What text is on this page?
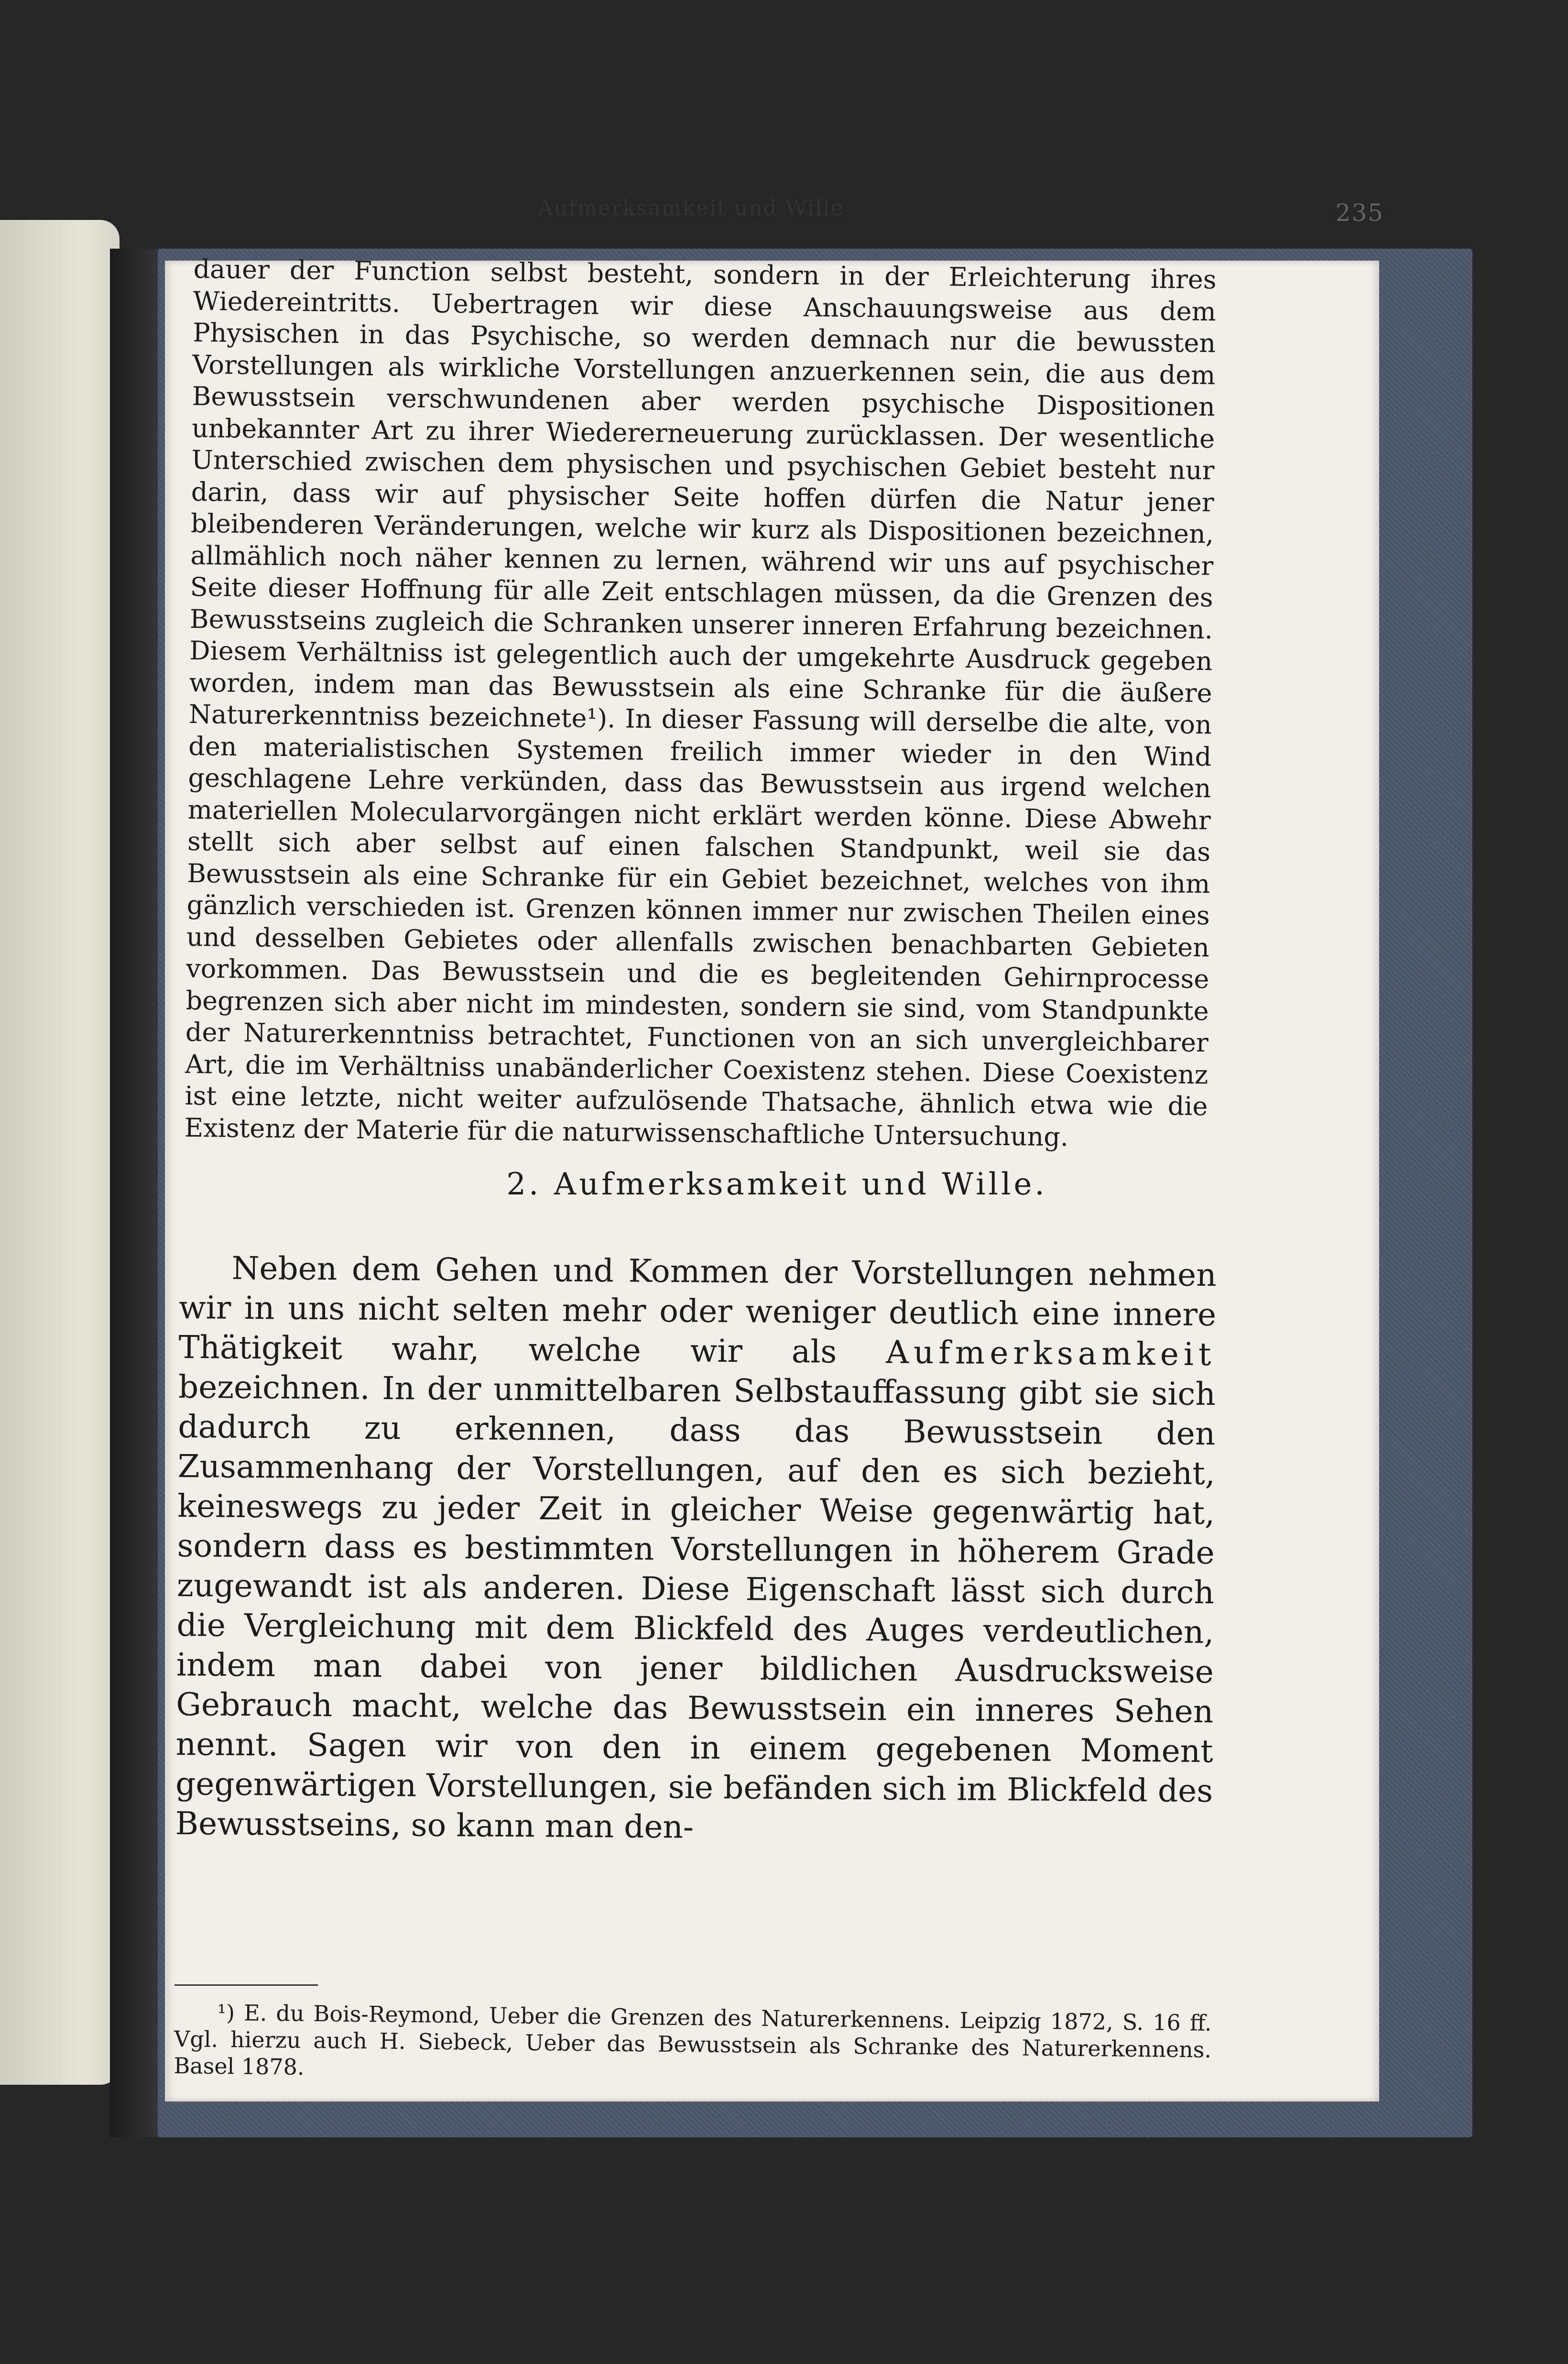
Aufmerksamkeit und Wille	235

dauer der Function selbst besteht, sondern in der Erleichterung ihres Wiedereintritts. Uebertragen wir diese Anschauungsweise aus dem Physischen in das Psychische, so werden demnach nur die bewussten Vorstellungen als wirkliche Vorstellungen anzuerkennen sein, die aus dem Bewusstsein verschwundenen aber werden psychische Dispositionen unbekannter Art zu ihrer Wiedererneuerung zurücklassen. Der wesentliche Unterschied zwischen dem physischen und psychischen Gebiet besteht nur darin, dass wir auf physischer Seite hoffen dürfen die Natur jener bleibenderen Veränderungen, welche wir kurz als Dispositionen bezeichnen, allmählich noch näher kennen zu lernen, während wir uns auf psychischer Seite dieser Hoffnung für alle Zeit entschlagen müssen, da die Grenzen des Bewusstseins zugleich die Schranken unserer inneren Erfahrung bezeichnen. Diesem Verhältniss ist gelegentlich auch der umgekehrte Ausdruck gegeben worden, indem man das Bewusstsein als eine Schranke für die äußere Naturerkenntniss bezeichnete¹). In dieser Fassung will derselbe die alte, von den materialistischen Systemen freilich immer wieder in den Wind geschlagene Lehre verkünden, dass das Bewusstsein aus irgend welchen materiellen Molecularvorgängen nicht erklärt werden könne. Diese Abwehr stellt sich aber selbst auf einen falschen Standpunkt, weil sie das Bewusstsein als eine Schranke für ein Gebiet bezeichnet, welches von ihm gänzlich verschieden ist. Grenzen können immer nur zwischen Theilen eines und desselben Gebietes oder allenfalls zwischen benachbarten Gebieten vorkommen. Das Bewusstsein und die es begleitenden Gehirnprocesse begrenzen sich aber nicht im mindesten, sondern sie sind, vom Standpunkte der Naturerkenntniss betrachtet, Functionen von an sich unvergleichbarer Art, die im Verhältniss unabänderlicher Coexistenz stehen. Diese Coexistenz ist eine letzte, nicht weiter aufzulösende Thatsache, ähnlich etwa wie die Existenz der Materie für die naturwissenschaftliche Untersuchung.

2. Aufmerksamkeit und Wille.

Neben dem Gehen und Kommen der Vorstellungen nehmen wir in uns nicht selten mehr oder weniger deutlich eine innere Thätigkeit wahr, welche wir als Aufmerksamkeit bezeichnen. In der unmittelbaren Selbstauffassung gibt sie sich dadurch zu erkennen, dass das Bewusstsein den Zusammenhang der Vorstellungen, auf den es sich bezieht, keineswegs zu jeder Zeit in gleicher Weise gegenwärtig hat, sondern dass es bestimmten Vorstellungen in höherem Grade zugewandt ist als anderen. Diese Eigenschaft lässt sich durch die Vergleichung mit dem Blickfeld des Auges verdeutlichen, indem man dabei von jener bildlichen Ausdrucksweise Gebrauch macht, welche das Bewusstsein ein inneres Sehen nennt. Sagen wir von den in einem gegebenen Moment gegenwärtigen Vorstellungen, sie befänden sich im Blickfeld des Bewusstseins, so kann man den-

¹) E. du Bois-Reymond, Ueber die Grenzen des Naturerkennens. Leipzig 1872, S. 16 ff. Vgl. hierzu auch H. Siebeck, Ueber das Bewusstsein als Schranke des Naturerkennens. Basel 1878.
